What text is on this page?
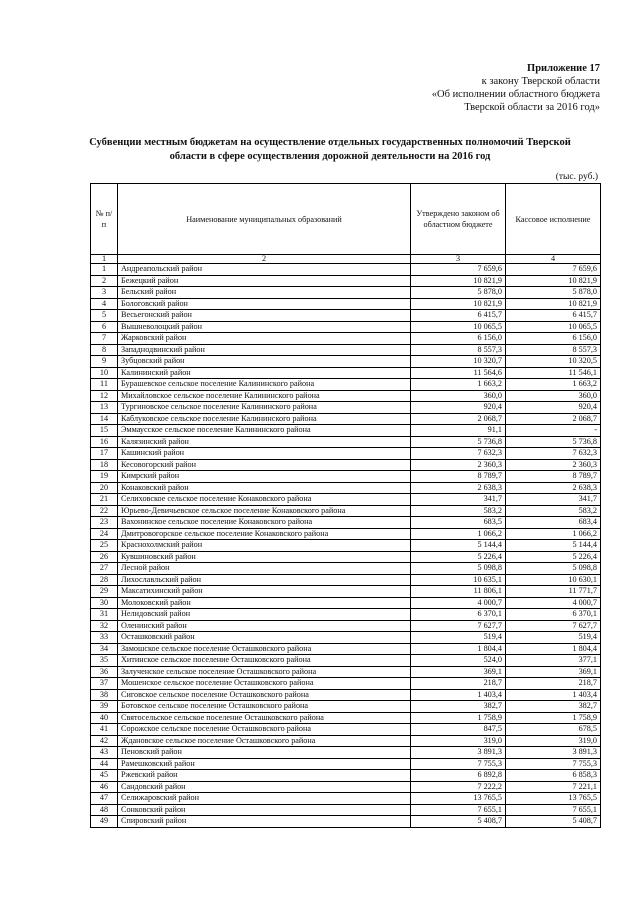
Приложение 17
к закону Тверской области
«Об исполнении областного бюджета
Тверской области за 2016 год»
Субвенции местным бюджетам на осуществление отдельных государственных полномочий Тверской
области в сфере осуществления дорожной деятельности на 2016 год
(тыс. руб.)
№ п/п	Наименование муниципальных образований	Утверждено законом об областном бюджете	Кассовое исполнение
1	2	3	4
1	Андреапольский район	7 659,6	7 659,6
2	Бежецкий район	10 821,9	10 821,9
3	Бельский район	5 878,0	5 878,0
4	Бологовский район	10 821,9	10 821,9
5	Весьегонский район	6 415,7	6 415,7
6	Вышневолоцкий район	10 065,5	10 065,5
7	Жарковский район	6 156,0	6 156,0
8	Западнодвинский район	8 557,3	8 557,3
9	Зубцовский район	10 320,7	10 320,5
10	Калининский район	11 564,6	11 546,1
11	Бурашевское сельское поселение Калининского района	1 663,2	1 663,2
12	Михайловское сельское поселение Калининского района	360,0	360,0
13	Тургиновское сельское поселение Калининского района	920,4	920,4
14	Каблуковское сельское поселение Калининского района	2 068,7	2 068,7
15	Эммаусское сельское поселение Калининского района	91,1	-
16	Калязинский район	5 736,8	5 736,8
17	Кашинский район	7 632,3	7 632,3
18	Кесовогорский район	2 360,3	2 360,3
19	Кимрский район	8 789,7	8 789,7
20	Конаковский район	2 638,3	2 638,3
21	Селиховское сельское поселение Конаковского района	341,7	341,7
22	Юрьево-Девичьевское сельское поселение Конаковского района	583,2	583,2
23	Вахонинское сельское поселение Конаковского района	683,5	683,4
24	Дмитровогорское сельское поселение Конаковского района	1 066,2	1 066,2
25	Краснохолмский район	5 144,4	5 144,4
26	Кувшиновский район	5 226,4	5 226,4
27	Лесной район	5 098,8	5 098,8
28	Лихославльский район	10 635,1	10 630,1
29	Максатихинский район	11 806,1	11 771,7
30	Молоковский район	4 000,7	4 000,7
31	Нелидовский район	6 370,1	6 370,1
32	Оленинский район	7 627,7	7 627,7
33	Осташковский район	519,4	519,4
34	Замошское сельское поселение Осташковского района	1 804,4	1 804,4
35	Хитинское сельское поселение Осташковского района	524,0	377,1
36	Залученское сельское поселение Осташковского района	369,1	369,1
37	Мошенское сельское поселение Осташковского района	218,7	218,7
38	Сиговское сельское поселение Осташковского района	1 403,4	1 403,4
39	Ботовское сельское поселение Осташковского района	382,7	382,7
40	Святосельское сельское поселение Осташковского района	1 758,9	1 758,9
41	Сорожское сельское поселение Осташковского района	847,5	678,5
42	Ждановское сельское поселение Осташковского района	319,0	319,0
43	Пеновский район	3 891,3	3 891,3
44	Рамешковский район	7 755,3	7 755,3
45	Ржевский район	6 892,8	6 858,3
46	Сандовский район	7 222,2	7 221,1
47	Селижаровский район	13 765,5	13 765,5
48	Сонковский район	7 655,1	7 655,1
49	Спировский район	5 408,7	5 408,7
